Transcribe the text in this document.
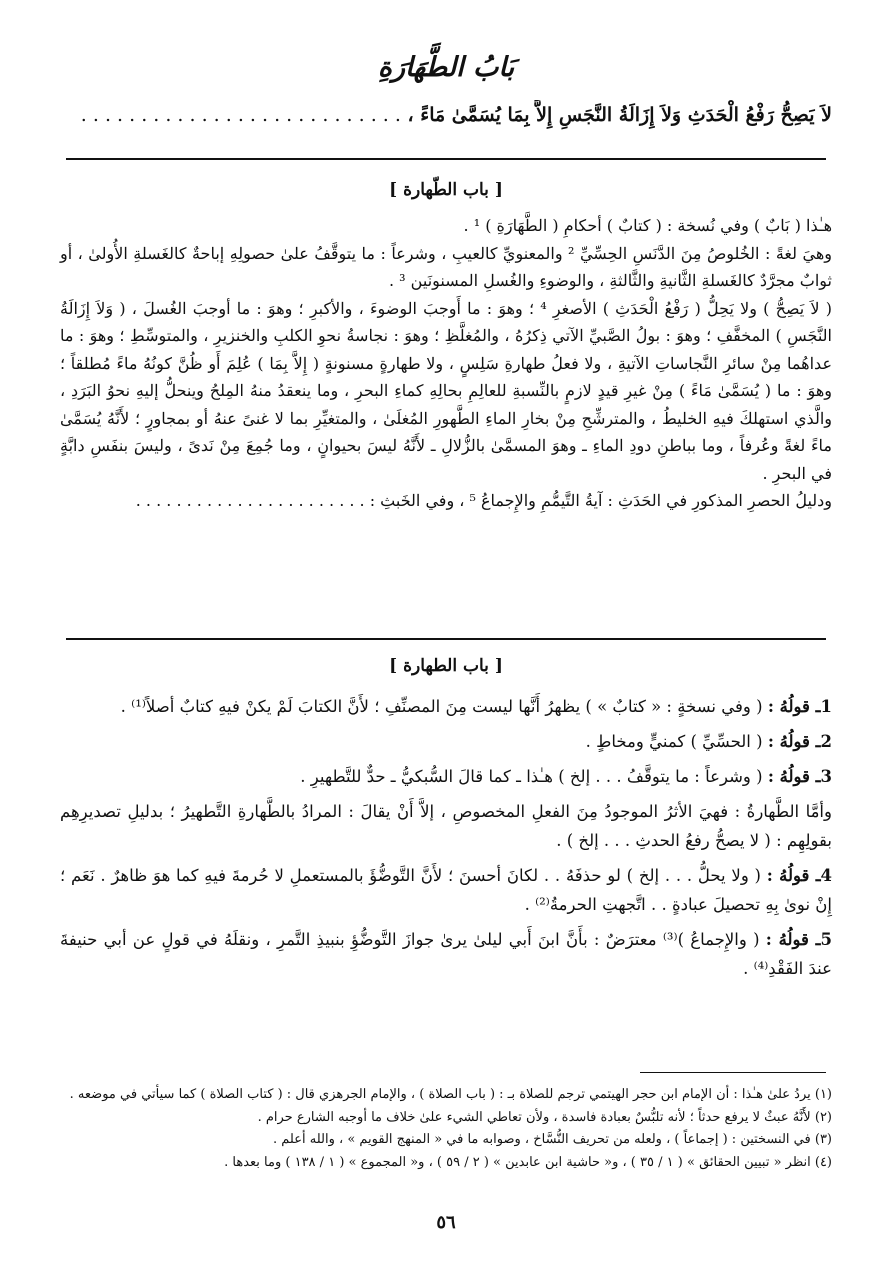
بَابُ الطَّهَارَةِ
لاَ يَصِحُّ رَفْعُ الْحَدَثِ وَلاَ إِزَالَةُ النَّجَسِ إِلاَّ بِمَا يُسَمَّىٰ مَاءً ، . . . . . . . . . . . . . . . . . . . . . . . . . . .
[ باب الطّهارة ]

هـٰذا ( بَابٌ ) وفي نُسخة : ( كتابٌ ) أحكامِ ( الطَّهَارَةِ ) ¹ .

وهيَ لغةً : الخُلوصُ مِنَ الدَّنَسِ الحِسِّيِّ ² والمعنويِّ كالعيبِ ، وشرعاً : ما يتوقَّفُ علىٰ حصولِهِ إباحةٌ كالغَسلةِ الأُولىٰ ، أو ثوابٌ مجرَّدٌ كالغَسلةِ الثَّانيةِ والثَّالثةِ ، والوضوءِ والغُسلِ المسنونَين ³ .

( لاَ يَصِحُّ ) ولا يَحِلُّ ( رَفْعُ الْحَدَثِ ) الأصغرِ ⁴ ؛ وهوَ : ما أَوجبَ الوضوءَ ، والأكبرِ ؛ وهوَ : ما أوجبَ الغُسلَ ، ( وَلاَ إِزَالَةُ النَّجَسِ ) المخفَّفِ ؛ وهوَ : بولُ الصَّبيِّ الآتي ذِكرُهُ ، والمُغلَّظِ ؛ وهوَ : نجاسةُ نحوِ الكلبِ والخنزيرِ ، والمتوسِّطِ ؛ وهوَ : ما عداهُما مِنْ سائرِ النَّجاساتِ الآتيةِ ، ولا فعلُ طهارةِ سَلِسٍ ، ولا طهارةٍ مسنونةٍ ( إِلاَّ بِمَا ) عُلِمَ أَو ظُنَّ كونُهُ ماءً مُطلقاً ؛ وهوَ : ما ( يُسَمَّىٰ مَاءً ) مِنْ غيرِ قيدٍ لازمٍ بالنِّسبةِ للعالِمِ بحالِهِ كماءِ البحرِ ، وما ينعقدُ منهُ المِلحُ وينحلُّ إليهِ نحوُ البَرَدِ ، والَّذي استهلكَ فيهِ الخليطُ ، والمترشِّحِ مِنْ بخارِ الماءِ الطَّهورِ المُغلَىٰ ، والمتغيِّرِ بما لا غنىً عنهُ أو بمجاورٍ ؛ لأَنَّهُ يُسَمَّىٰ ماءً لغةً وعُرفاً ، وما بباطنِ دودِ الماءِ ـ وهوَ المسمَّىٰ بالزُّلالِ ـ لأَنَّهُ ليسَ بحيوانٍ ، وما جُمِعَ مِنْ نَدىً ، وليسَ بنفَسِ دابَّةٍ في البحرِ .

ودليلُ الحصرِ المذكورِ في الحَدَثِ : آيةُ التَّيمُّمِ والإِجماعُ ⁵ ، وفي الخَبثِ : . . . . . . . . . . . . . . . . . . . . . . .

[ باب الطهارة ]

1ـ قولُهُ : ( وفي نسخةٍ : « كتابٌ » ) يظهرُ أَنَّها ليست مِنَ المصنِّفِ ؛ لأَنَّ الكتابَ لَمْ يكنْ فيهِ كتابٌ أصلاً⁽¹⁾ .

2ـ قولُهُ : ( الحسِّيِّ ) كمنيٍّ ومخاطٍ .

3ـ قولُهُ : ( وشرعاً : ما يتوقَّفُ . . . إلخ ) هـٰذا ـ كما قالَ السُّبكيُّ ـ حدٌّ للتَّطهيرِ .

وأمَّا الطَّهارةُ : فهيَ الأثرُ الموجودُ مِنَ الفعلِ المخصوصِ ، إلاَّ أَنْ يقالَ : المرادُ بالطَّهارةِ التَّطهيرُ ؛ بدليلِ تصديرِهِم بقولِهِم : ( لا يصحُّ رفعُ الحدثِ . . . إلخ ) .

4ـ قولُهُ : ( ولا يحلُّ . . . إلخ ) لو حذفَهُ . . لكانَ أحسنَ ؛ لأَنَّ التَّوضُّؤَ بالمستعملِ لا حُرمةَ فيهِ كما هوَ ظاهرٌ . نَعَم ؛ إِنْ نوىٰ بِهِ تحصيلَ عبادةٍ . . اتَّجهتِ الحرمةُ⁽²⁾ .

5ـ قولُهُ : ( والإِجماعُ )⁽³⁾ معترَضٌ : بأَنَّ ابنَ أَبي ليلىٰ يرىٰ جوازَ التَّوضُّؤِ بنبيذِ التَّمرِ ، ونقلَهُ في قولٍ عن أبي حنيفةَ عندَ الفَقْدِ⁽⁴⁾ .

(١) يردُ علىٰ هـٰذا : أن الإمام ابن حجر الهيتمي ترجم للصلاة بـ : ( باب الصلاة ) ، والإمام الجرهزي قال : ( كتاب الصلاة ) كما سيأتي في موضعه .

(٢) لأَنَّهُ عبثٌ لا يرفع حدثاً ؛ لأنه تلبُّسٌ بعبادة فاسدة ، ولأن تعاطي الشيء علىٰ خلاف ما أوجبه الشارع حرام .

(٣) في النسختين : ( إجماعاً ) ، ولعله من تحريف النُّسَّاخ ، وصوابه ما في « المنهج القويم » ، والله أعلم .

(٤) انظر « تبيين الحقائق » ( ١ / ٣٥ ) ، و« حاشية ابن عابدين » ( ٢ / ٥٩ ) ، و« المجموع » ( ١ / ١٣٨ ) وما بعدها .

٥٦
